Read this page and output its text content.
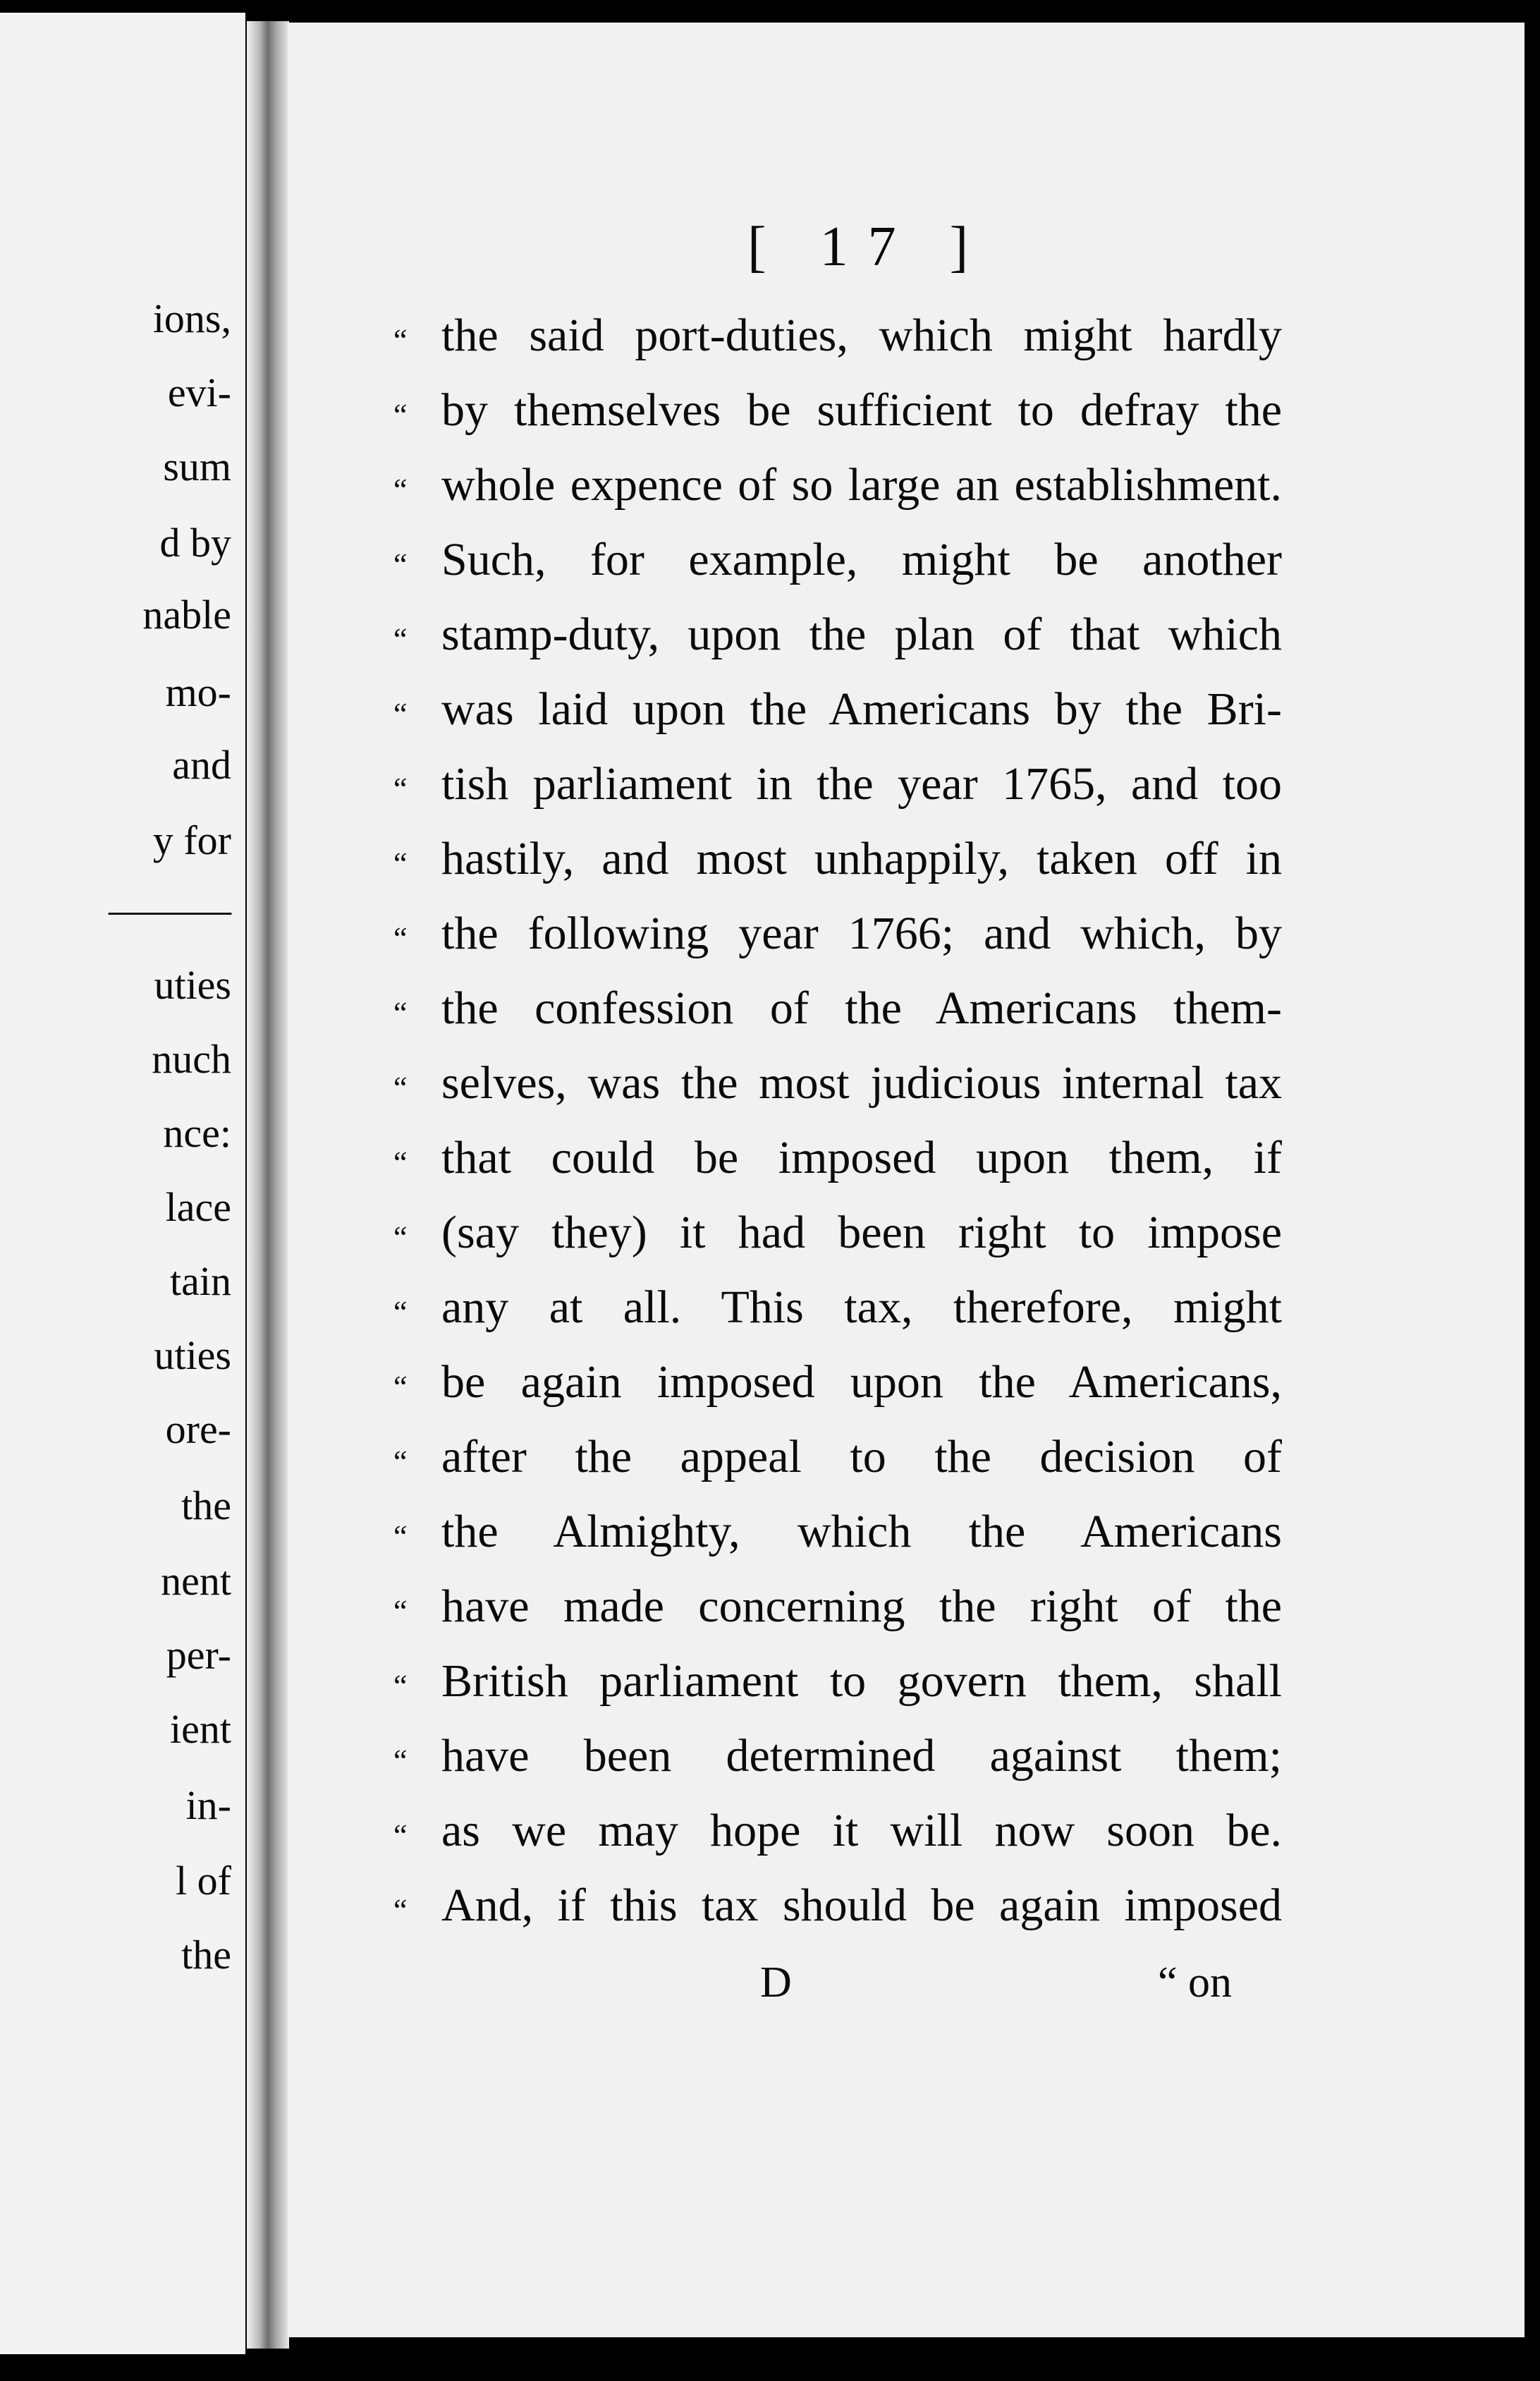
ions,
evi-
sum
d by
nable
mo-
and
y for
———
uties
nuch
nce:
lace
tain
uties
ore-
the
nent
per-
ient
in-
l of
the
[ 17 ]
“ the said port-duties, which might hardly
“ by themselves be sufficient to defray the
“ whole expence of so large an establishment.
“ Such, for example, might be another
“ stamp-duty, upon the plan of that which
“ was laid upon the Americans by the Bri-
“ tish parliament in the year 1765, and too
“ hastily, and most unhappily, taken off in
“ the following year 1766; and which, by
“ the confession of the Americans them-
“ selves, was the most judicious internal tax
“ that could be imposed upon them, if
“ (say they) it had been right to impose
“ any at all. This tax, therefore, might
“ be again imposed upon the Americans,
“ after the appeal to the decision of
“ the Almighty, which the Americans
“ have made concerning the right of the
“ British parliament to govern them, shall
“ have been determined against them;
“ as we may hope it will now soon be.
“ And, if this tax should be again imposed
D	“ on
